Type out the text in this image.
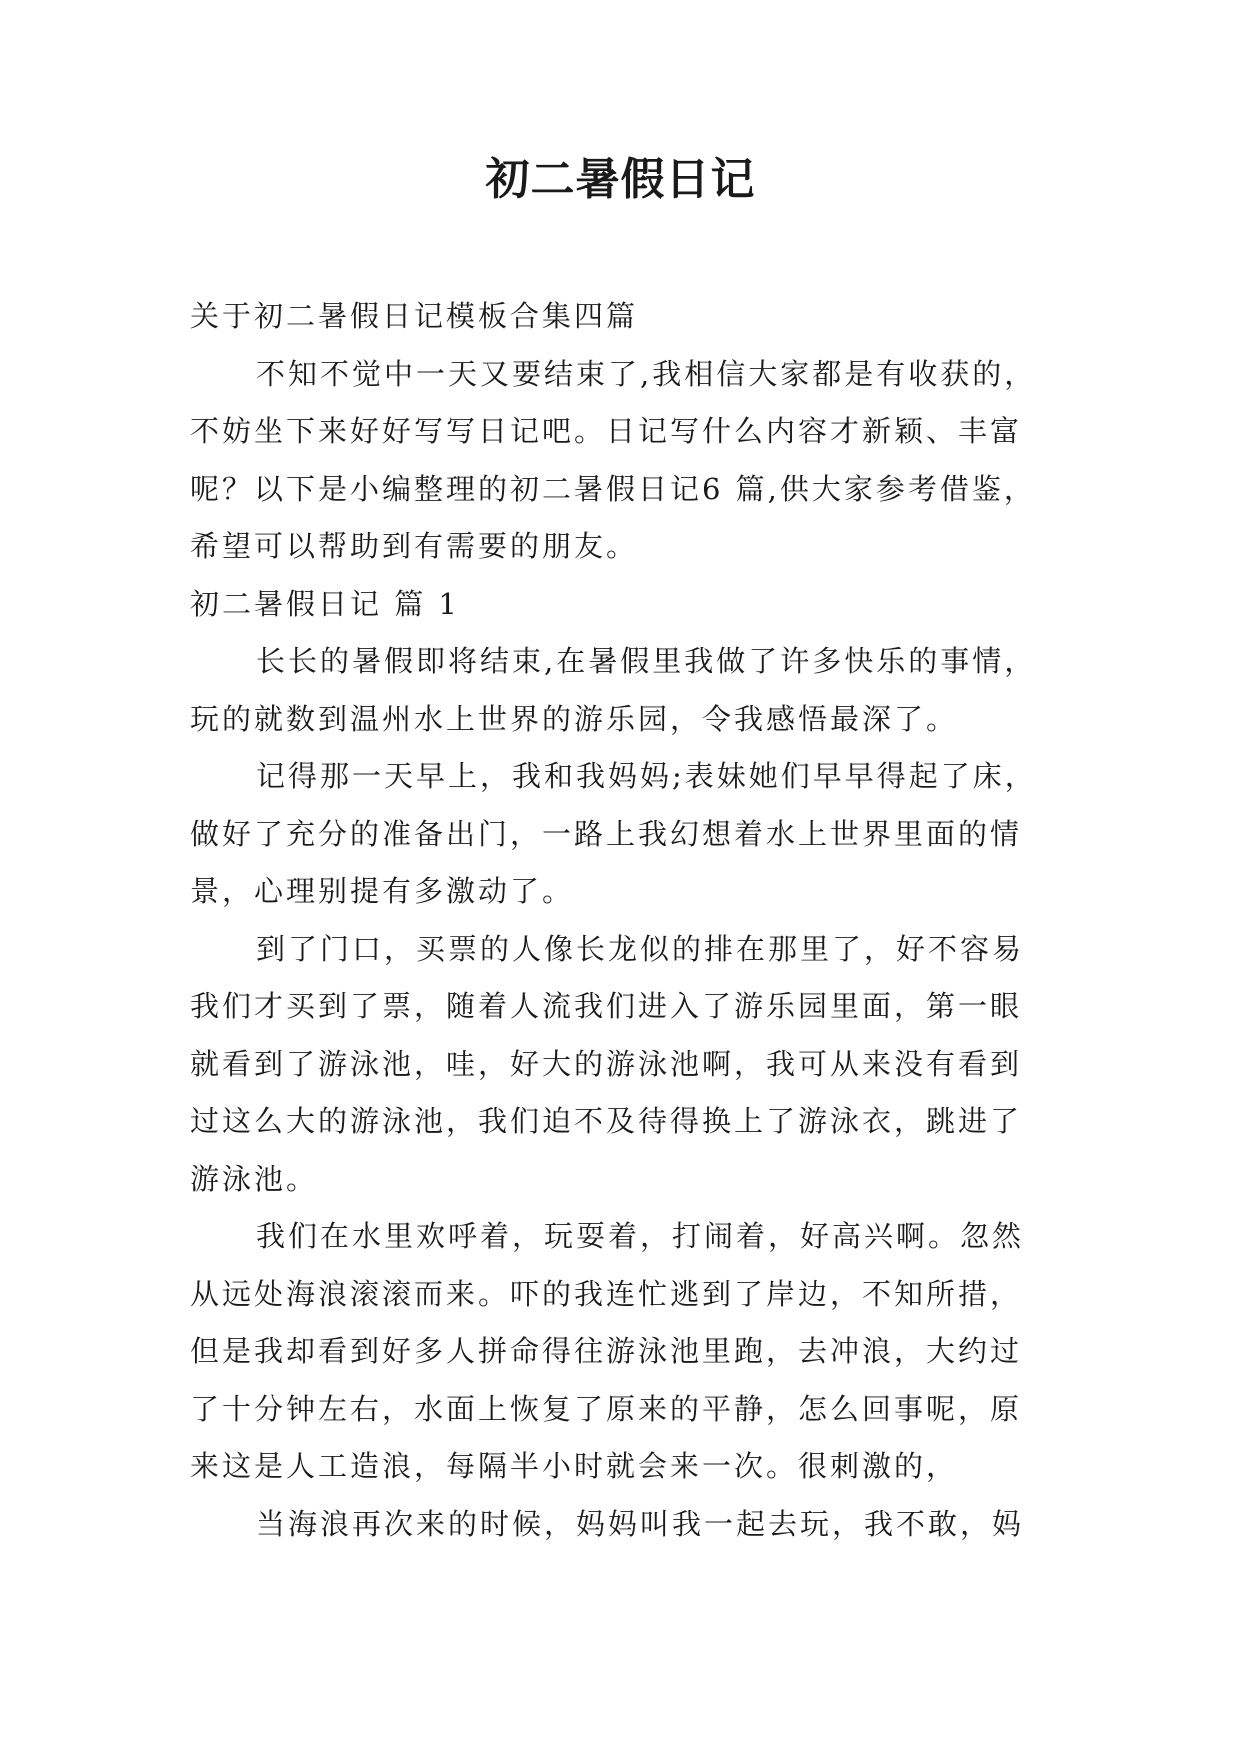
初二暑假日记
关于初二暑假日记模板合集四篇
不知不觉中一天又要结束了,我相信大家都是有收获的，
不妨坐下来好好写写日记吧。日记写什么内容才新颖、丰富
呢？以下是小编整理的初二暑假日记6 篇,供大家参考借鉴，
希望可以帮助到有需要的朋友。
初二暑假日记 篇 1
长长的暑假即将结束,在暑假里我做了许多快乐的事情，
玩的就数到温州水上世界的游乐园，令我感悟最深了。
记得那一天早上，我和我妈妈;表妹她们早早得起了床，
做好了充分的准备出门，一路上我幻想着水上世界里面的情
景，心理别提有多激动了。
到了门口，买票的人像长龙似的排在那里了，好不容易
我们才买到了票，随着人流我们进入了游乐园里面，第一眼
就看到了游泳池，哇，好大的游泳池啊，我可从来没有看到
过这么大的游泳池，我们迫不及待得换上了游泳衣，跳进了
游泳池。
我们在水里欢呼着，玩耍着，打闹着，好高兴啊。忽然
从远处海浪滚滚而来。吓的我连忙逃到了岸边，不知所措，
但是我却看到好多人拼命得往游泳池里跑，去冲浪，大约过
了十分钟左右，水面上恢复了原来的平静，怎么回事呢，原
来这是人工造浪，每隔半小时就会来一次。很刺激的，
当海浪再次来的时候，妈妈叫我一起去玩，我不敢，妈
